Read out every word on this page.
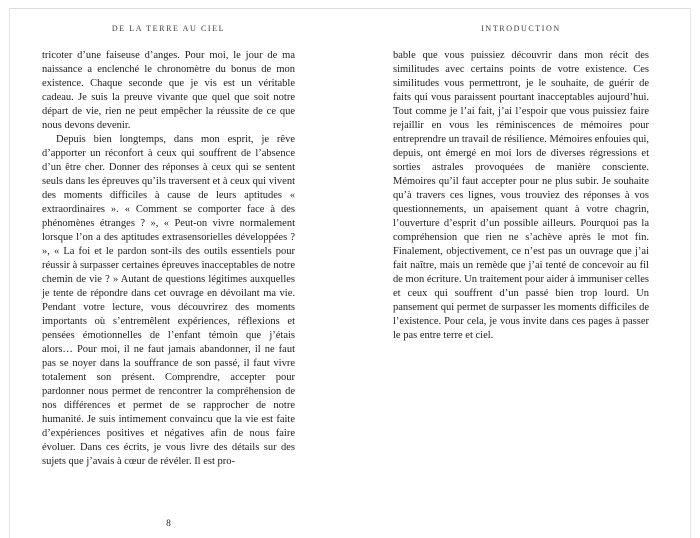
DE LA TERRE AU CIEL

tricoter d’une faiseuse d’anges. Pour moi, le jour de ma naissance a enclenché le chronomètre du bonus de mon existence. Chaque seconde que je vis est un véritable cadeau. Je suis la preuve vivante que quel que soit notre départ de vie, rien ne peut empêcher la réussite de ce que nous devons devenir.

Depuis bien longtemps, dans mon esprit, je rêve d’apporter un réconfort à ceux qui souffrent de l’absence d’un être cher. Donner des réponses à ceux qui se sentent seuls dans les épreuves qu’ils traversent et à ceux qui vivent des moments difficiles à cause de leurs aptitudes « extraordinaires ». « Comment se comporter face à des phénomènes étranges ? », « Peut-on vivre normalement lorsque l’on a des aptitudes extrasensorielles développées ? », « La foi et le pardon sont-ils des outils essentiels pour réussir à surpasser certaines épreuves inacceptables de notre chemin de vie ? » Autant de questions légitimes auxquelles je tente de répondre dans cet ouvrage en dévoilant ma vie. Pendant votre lecture, vous découvrirez des moments importants où s’entremêlent expériences, réflexions et pensées émotionnelles de l’enfant témoin que j’étais alors… Pour moi, il ne faut jamais abandonner, il ne faut pas se noyer dans la souffrance de son passé, il faut vivre totalement son présent. Comprendre, accepter pour pardonner nous permet de rencontrer la compréhension de nos différences et permet de se rapprocher de notre humanité. Je suis intimement convaincu que la vie est faite d’expériences positives et négatives afin de nous faire évoluer. Dans ces écrits, je vous livre des détails sur des sujets que j’avais à cœur de révéler. Il est pro-

8
INTRODUCTION

bable que vous puissiez découvrir dans mon récit des similitudes avec certains points de votre existence. Ces similitudes vous permettront, je le souhaite, de guérir de faits qui vous paraissent pourtant inacceptables aujourd’hui. Tout comme je l’ai fait, j’ai l’espoir que vous puissiez faire rejaillir en vous les réminiscences de mémoires pour entreprendre un travail de résilience. Mémoires enfouies qui, depuis, ont émergé en moi lors de diverses régressions et sorties astrales provoquées de manière consciente. Mémoires qu’il faut accepter pour ne plus subir. Je souhaite qu’à travers ces lignes, vous trouviez des réponses à vos questionnements, un apaisement quant à votre chagrin, l’ouverture d’esprit d’un possible ailleurs. Pourquoi pas la compréhension que rien ne s’achève après le mot fin. Finalement, objectivement, ce n’est pas un ouvrage que j’ai fait naître, mais un remède que j’ai tenté de concevoir au fil de mon écriture. Un traitement pour aider à immuniser celles et ceux qui souffrent d’un passé bien trop lourd. Un pansement qui permet de surpasser les moments difficiles de l’existence. Pour cela, je vous invite dans ces pages à passer le pas entre terre et ciel.
